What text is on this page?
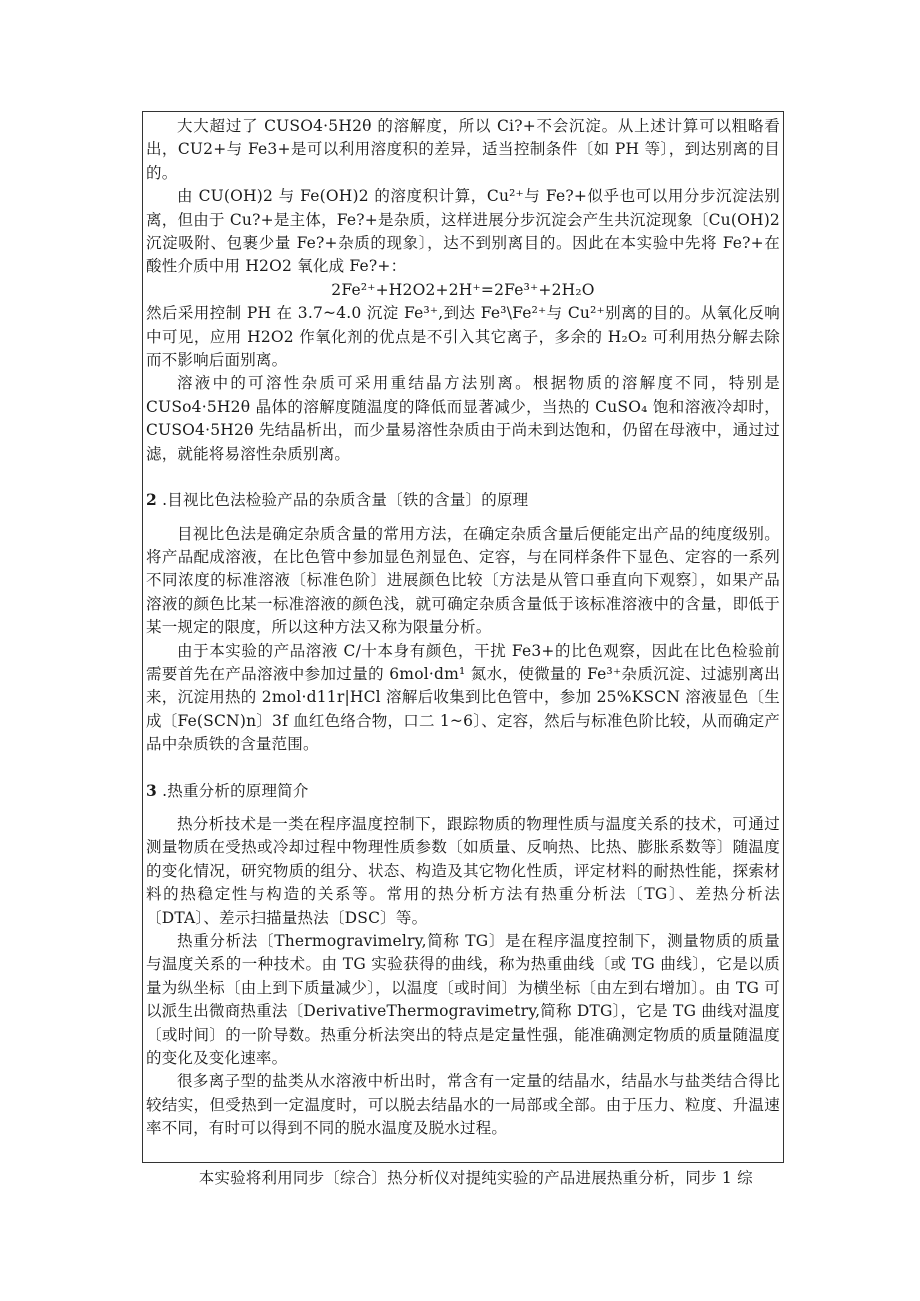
大大超过了 CUSO4·5H2θ 的溶解度，所以 Ci?+不会沉淀。从上述计算可以粗略看出，CU2+与 Fe3+是可以利用溶度积的差异，适当控制条件〔如 PH 等〕，到达别离的目的。

由 CU(OH)2 与 Fe(OH)2 的溶度积计算，Cu²⁺与 Fe?+似乎也可以用分步沉淀法别离，但由于 Cu?+是主体，Fe?+是杂质，这样进展分步沉淀会产生共沉淀现象〔Cu(OH)2 沉淀吸附、包裹少量 Fe?+杂质的现象〕，达不到别离目的。因此在本实验中先将 Fe?+在酸性介质中用 H2O2 氧化成 Fe?+：

2Fe²⁺+H2O2+2H⁺=2Fe³⁺+2H₂O

然后采用控制 PH 在 3.7~4.0 沉淀 Fe³⁺,到达 Fe³\Fe²⁺与 Cu²⁺别离的目的。从氧化反响中可见，应用 H2O2 作氧化剂的优点是不引入其它离子，多余的 H₂O₂ 可利用热分解去除而不影响后面别离。

溶液中的可溶性杂质可采用重结晶方法别离。根据物质的溶解度不同，特别是 CUSo4·5H2θ 晶体的溶解度随温度的降低而显著减少，当热的 CuSO₄ 饱和溶液冷却时，CUSO4·5H2θ 先结晶析出，而少量易溶性杂质由于尚未到达饱和，仍留在母液中，通过过滤，就能将易溶性杂质别离。

2 .目视比色法检验产品的杂质含量〔铁的含量〕的原理

目视比色法是确定杂质含量的常用方法，在确定杂质含量后便能定出产品的纯度级别。将产品配成溶液，在比色管中参加显色剂显色、定容，与在同样条件下显色、定容的一系列不同浓度的标准溶液〔标准色阶〕进展颜色比较〔方法是从管口垂直向下观察〕，如果产品溶液的颜色比某一标准溶液的颜色浅，就可确定杂质含量低于该标准溶液中的含量，即低于某一规定的限度，所以这种方法又称为限量分析。

由于本实验的产品溶液 C/十本身有颜色，干扰 Fe3+的比色观察，因此在比色检验前需要首先在产品溶液中参加过量的 6mol·dm¹ 氮水，使微量的 Fe³⁺杂质沉淀、过滤别离出来，沉淀用热的 2mol·d11r|HCl 溶解后收集到比色管中，参加 25%KSCN 溶液显色〔生成〔Fe(SCN)n〕3f 血红色络合物，口二 1~6〕、定容，然后与标准色阶比较，从而确定产品中杂质铁的含量范围。

3 .热重分析的原理简介

热分析技术是一类在程序温度控制下，跟踪物质的物理性质与温度关系的技术，可通过测量物质在受热或冷却过程中物理性质参数〔如质量、反响热、比热、膨胀系数等〕随温度的变化情况，研究物质的组分、状态、构造及其它物化性质，评定材料的耐热性能，探索材料的热稳定性与构造的关系等。常用的热分析方法有热重分析法〔TG〕、差热分析法〔DTA〕、差示扫描量热法〔DSC〕等。

热重分析法〔Thermogravimelry,简称 TG〕是在程序温度控制下，测量物质的质量与温度关系的一种技术。由 TG 实验获得的曲线，称为热重曲线〔或 TG 曲线〕，它是以质量为纵坐标〔由上到下质量减少〕，以温度〔或时间〕为横坐标〔由左到右增加〕。由 TG 可以派生出微商热重法〔DerivativeThermogravimetry,简称 DTG〕，它是 TG 曲线对温度〔或时间〕的一阶导数。热重分析法突出的特点是定量性强，能准确测定物质的质量随温度的变化及变化速率。

很多离子型的盐类从水溶液中析出时，常含有一定量的结晶水，结晶水与盐类结合得比较结实，但受热到一定温度时，可以脱去结晶水的一局部或全部。由于压力、粒度、升温速率不同，有时可以得到不同的脱水温度及脱水过程。

本实验将利用同步〔综合〕热分析仪对提纯实验的产品进展热重分析，同步 1 综
